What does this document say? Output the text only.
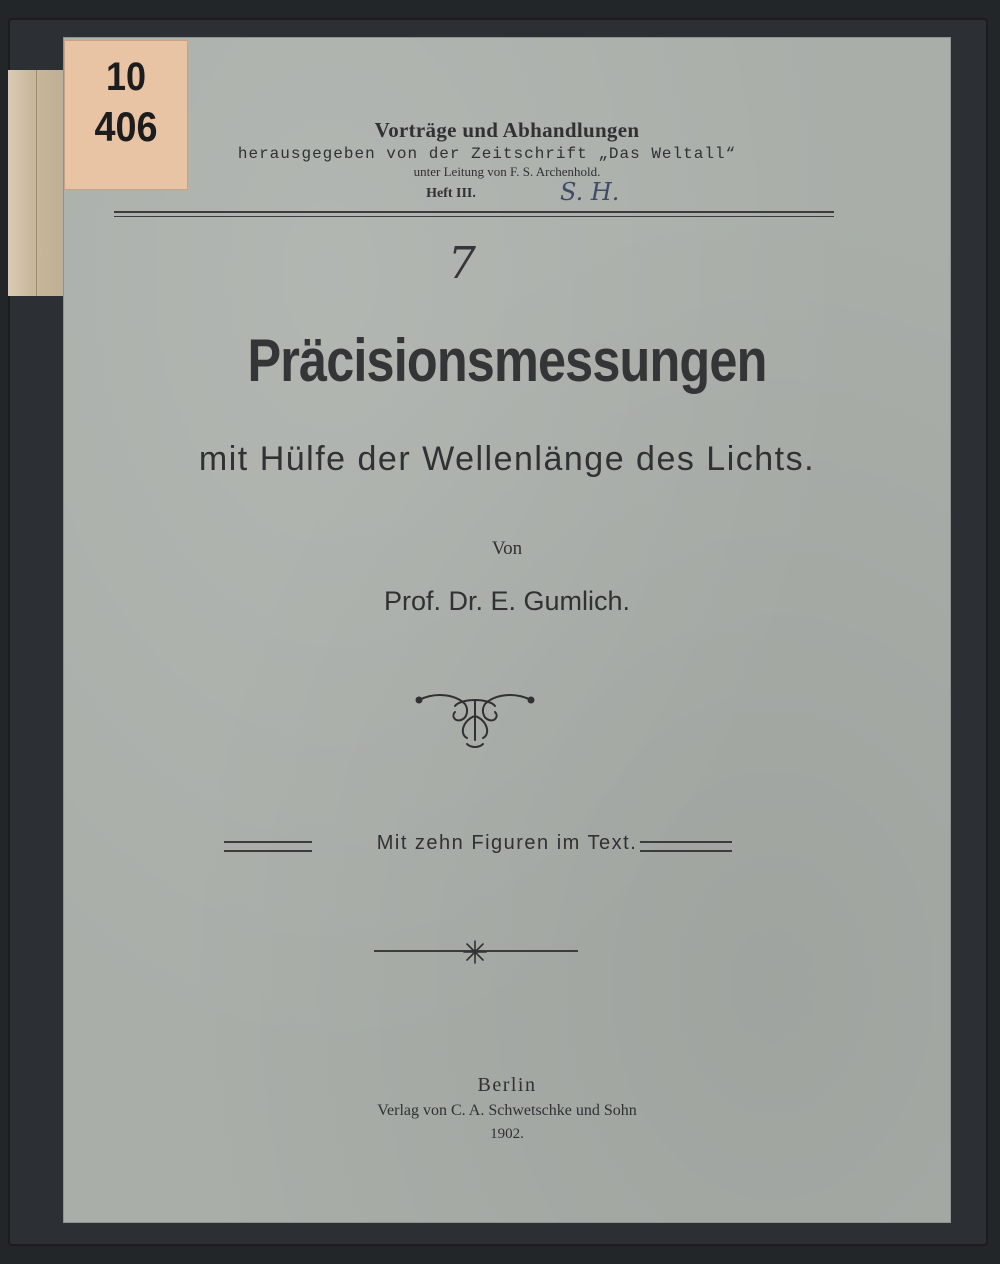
10
406	Vorträge und Abhandlungen
herausgegeben von der Zeitschrift „Das Weltall“
unter Leitung von F. S. Archenhold.
Heft III.	S. H.
7
Präcisionsmessungen
mit Hülfe der Wellenlänge des Lichts.
Von
Prof. Dr. E. Gumlich.
Mit zehn Figuren im Text.
Berlin
Verlag von C. A. Schwetschke und Sohn
1902.
